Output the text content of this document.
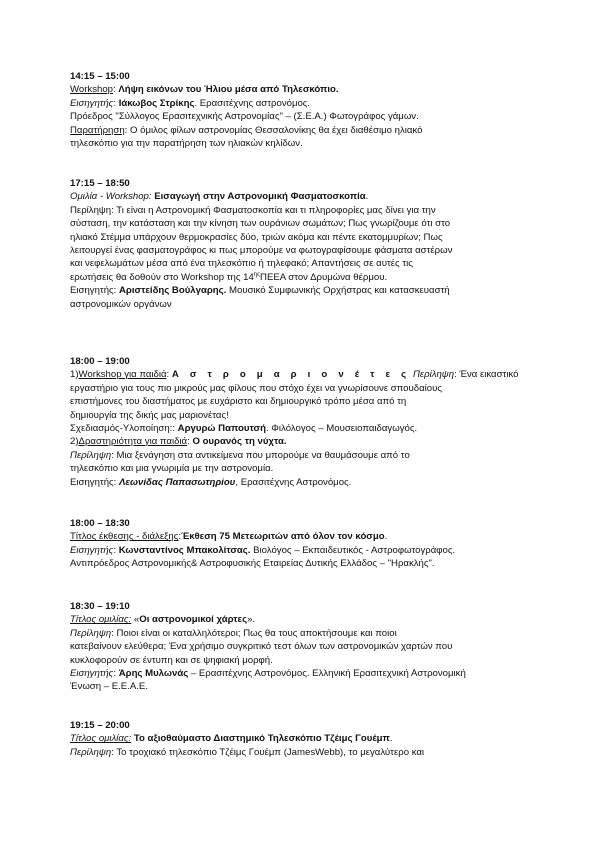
14:15 – 15:00
Workshop: Λήψη εικόνων του Ήλιου μέσα από Τηλεσκόπιο.
Εισηγητής: Ιάκωβος Στρίκης. Ερασιτέχνης αστρονόμος.
Πρόεδρος "Σύλλογος Ερασιτεχνικής Αστρονομίας" – (Σ.Ε.Α.) Φωτογράφος γάμων.
Παρατήρηση: Ο όμιλος φίλων αστρονομίας Θεσσαλονίκης θα έχει διαθέσιμο ηλιακό
τηλεσκόπιο για την παρατήρηση των ηλιακών κηλίδων.
17:15 – 18:50
Ομιλία - Workshop: Εισαγωγή στην Αστρονομική Φασματοσκοπία.
Περίληψη: Τι είναι η Αστρονομική Φασματοσκοπία και τι πληροφορίες μας δίνει για την
σύσταση, την κατάσταση και την κίνηση των ουράνιων σωμάτων; Πως γνωρίζουμε ότι στο
ηλιακό Στέμμα υπάρχουν θερμοκρασίες δύο, τριών ακόμα και πέντε εκατομμυρίων; Πως
λειτουργεί ένας φασματογράφος κι πως μπορούμε να φωτογραφίσουμε φάσματα αστέρων
και νεφελωμάτων μέσα από ένα τηλεσκόπιο ή τηλεφακό; Απαντήσεις σε αυτές τις
ερωτήσεις θα δοθούν στο Workshop της $14^{\eta\varsigma}\Pi EEA$ στον Δρυμώνα θέρμου.
Εισηγητής: Αριστείδης Βούλγαρης. Μουσικό Συμφωνικής Ορχήστρας και κατασκευαστή
αστρονομικών οργάνων
18:00 – 19:00
1)Workshop για παιδιά: Α σ τ ρ ο μ α ρ ι ο ν έ τ ε ς Περίληψη: Ένα εικαστικό
εργαστήριο για τους πιο μικρούς μας φίλους που στόχο έχει να γνωρίσουνε σπουδαίους
επιστήμονες του διαστήματος με ευχάριστο και δημιουργικό τρόπο μέσα από τη
δημιουργία της δικής μας μαριονέτας!
Σχεδιασμός-Υλοποίηση:: Αργυρώ Παπουτσή. Φιλόλογος – Μουσειοπαιδαγωγός.
2)Δραστηριότητα για παιδιά: Ο ουρανός τη νύχτα.
Περίληψη: Μια ξενάγηση στα αντικείμενα που μπορούμε να θαυμάσουμε από το
τηλεσκόπιο και μια γνωριμία με την αστρονομία.
Εισηγητής: Λεωνίδας Παπασωτηρίου, Ερασιτέχνης Αστρονόμος.
18:00 – 18:30
Τίτλος έκθεσης - διάλεξης:Έκθεση 75 Μετεωριτών από όλον τον κόσμο.
Εισηγητής: Κωνσταντίνος Μπακολίτσας. Βιολόγος – Εκπαιδευτικός - Αστροφωτογράφος.
Αντιπρόεδρος Αστρονομικής& Αστροφυσικής Εταιρείας Δυτικής Ελλάδος – "Ηρακλής".
18:30 – 19:10
Τίτλος ομιλίας: «Οι αστρονομικοί χάρτες».
Περίληψη: Ποιοι είναι οι καταλληλότεροι; Πως θα τους αποκτήσουμε και ποιοι
κατεβαίνουν ελεύθερα; Ένα χρήσιμο συγκριτικό τεστ όλων των αστρονομικών χαρτών που
κυκλοφορούν σε έντυπη και σε ψηφιακή μορφή.
Εισηγητής: Άρης Μυλωνάς – Ερασιτέχνης Αστρονόμος. Ελληνική Ερασιτεχνική Αστρονομική
Ένωση – Ε.Ε.Α.Ε.
19:15 – 20:00
Τίτλος ομιλίας: Το αξιοθαύμαστο Διαστημικό Τηλεσκόπιο Τζέιμς Γουέμπ.
Περίληψη: Το τροχιακό τηλεσκόπιο Τζέιμς Γουέμπ (JamesWebb), το μεγαλύτερο και
